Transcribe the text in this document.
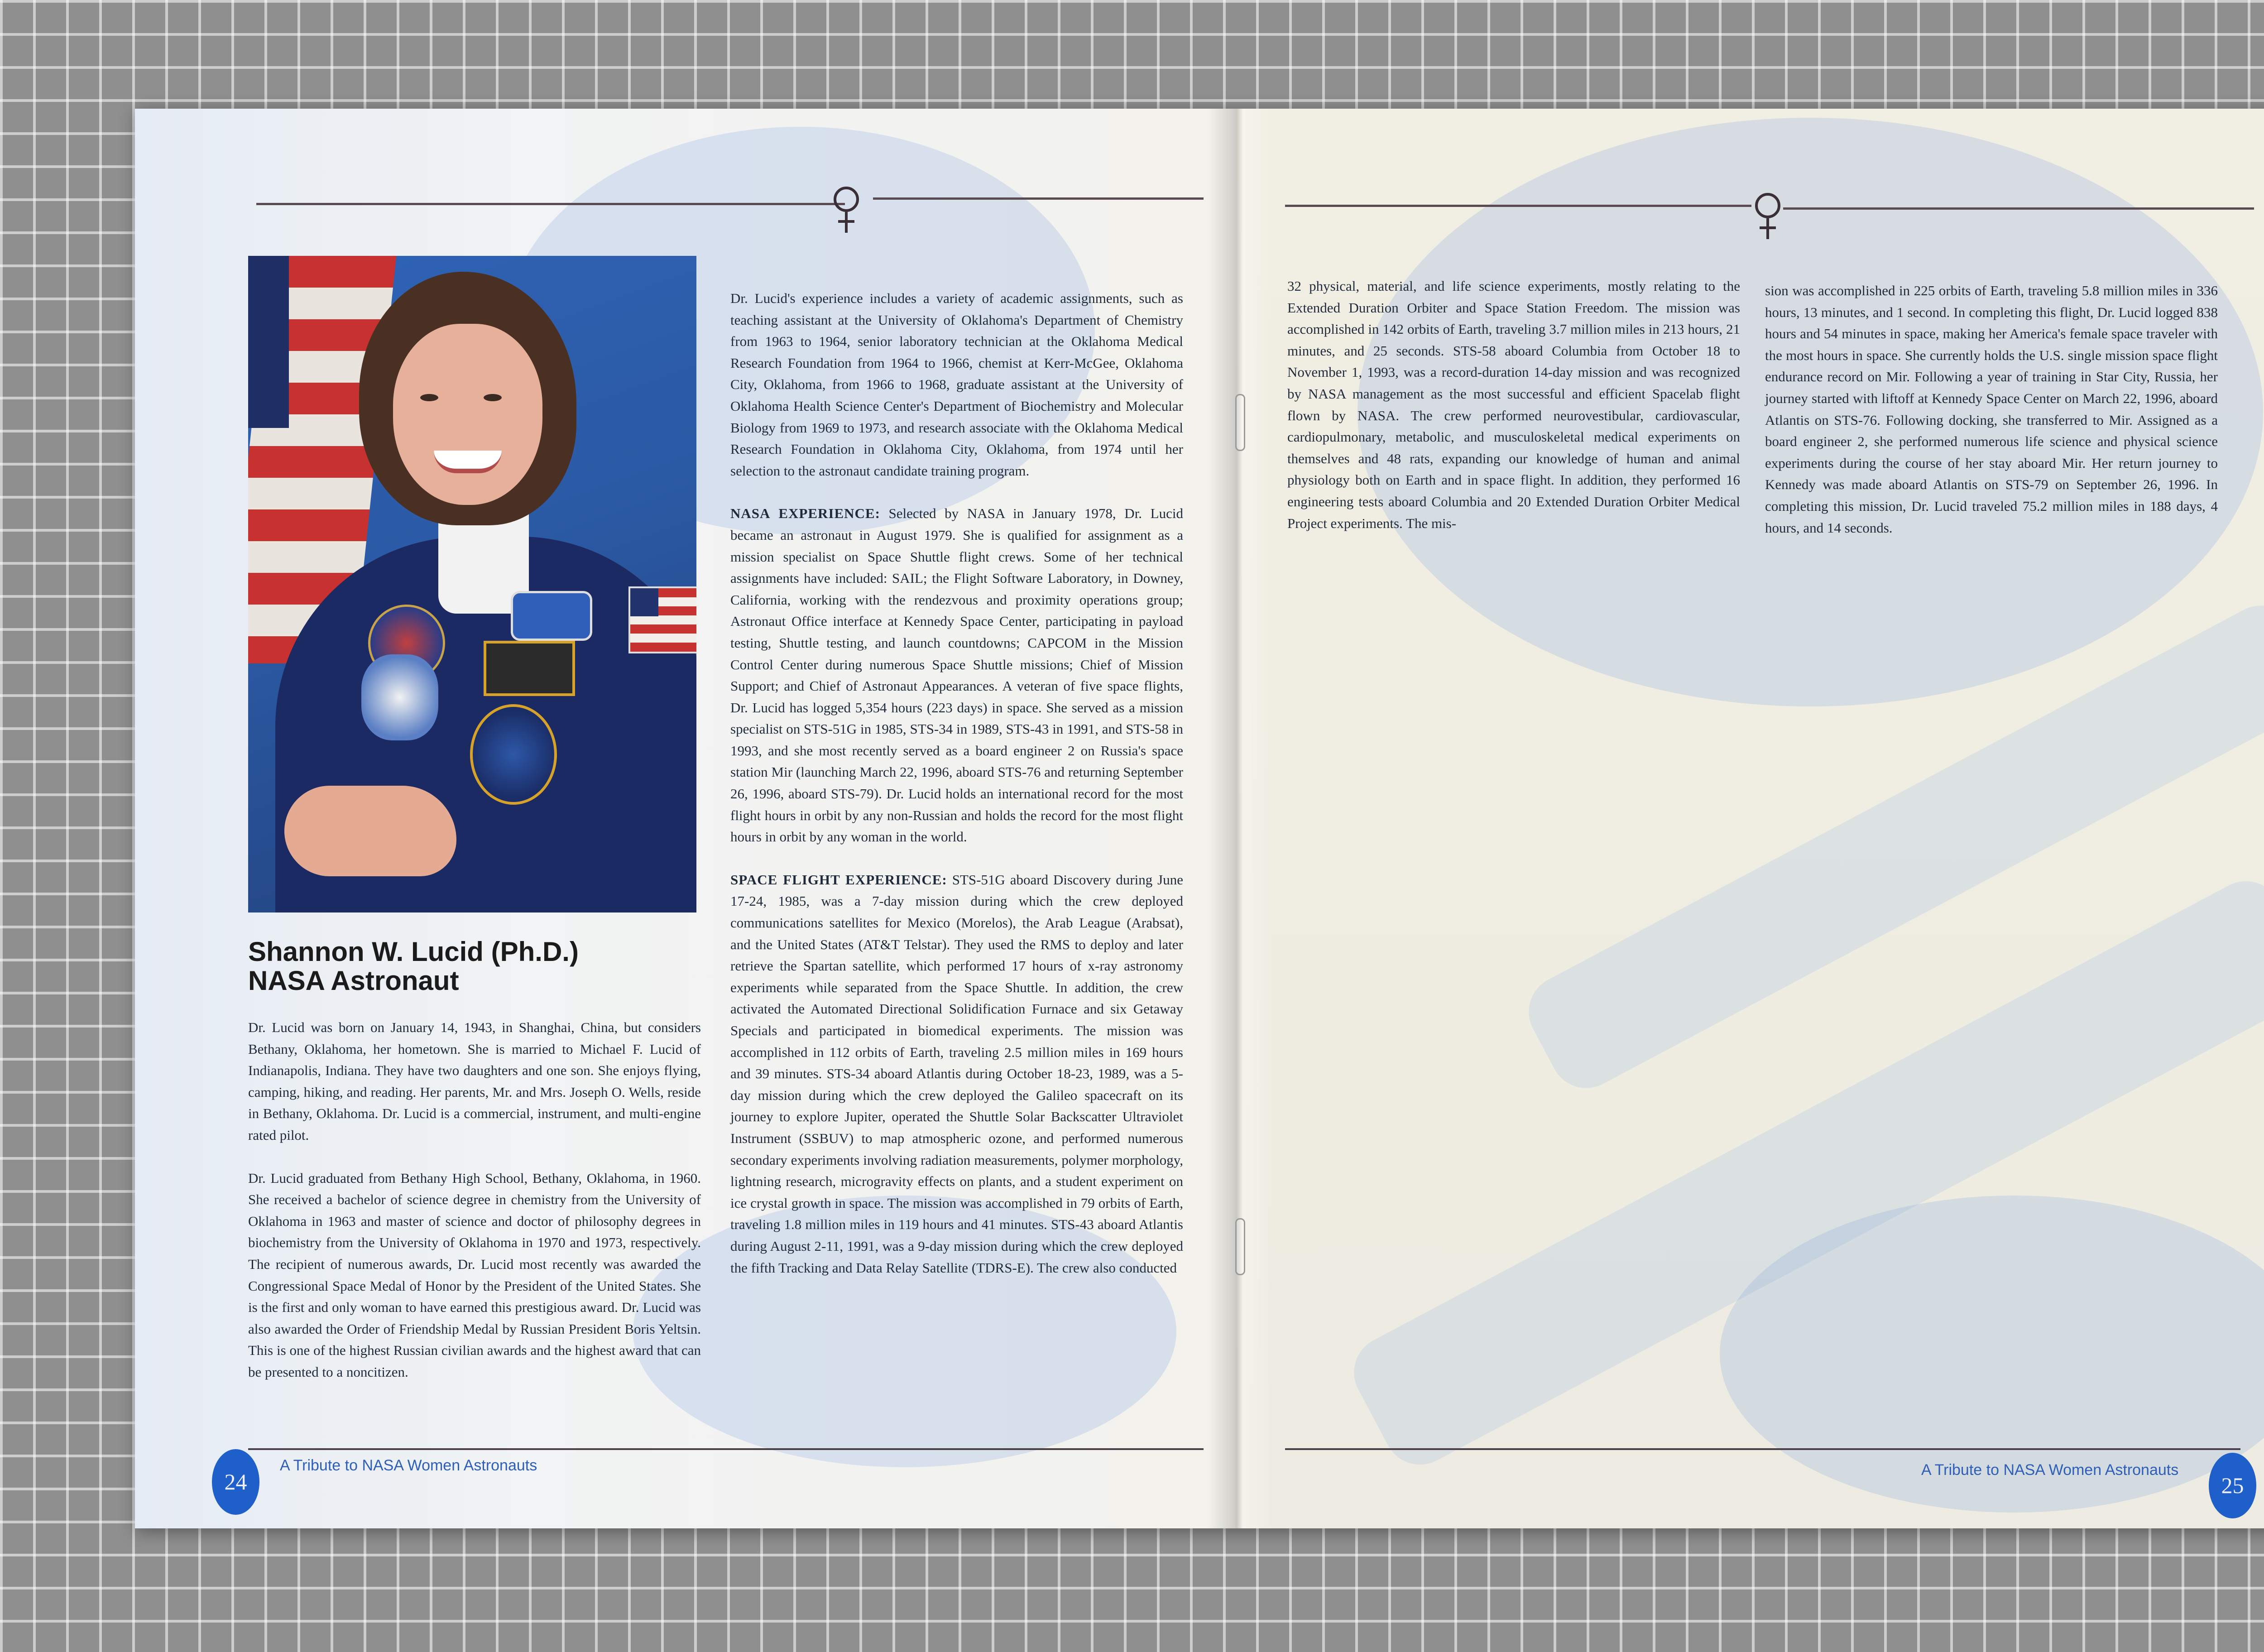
Shannon W. Lucid (Ph.D.)
NASA Astronaut

Dr. Lucid was born on January 14, 1943, in Shanghai, China, but considers Bethany, Oklahoma, her hometown. She is married to Michael F. Lucid of Indianapolis, Indiana. They have two daughters and one son. She enjoys flying, camping, hiking, and reading. Her parents, Mr. and Mrs. Joseph O. Wells, reside in Bethany, Oklahoma. Dr. Lucid is a commercial, instrument, and multi-engine rated pilot.

Dr. Lucid graduated from Bethany High School, Bethany, Oklahoma, in 1960. She received a bachelor of science degree in chemistry from the University of Oklahoma in 1963 and master of science and doctor of philosophy degrees in biochemistry from the University of Oklahoma in 1970 and 1973, respectively. The recipient of numerous awards, Dr. Lucid most recently was awarded the Congressional Space Medal of Honor by the President of the United States. She is the first and only woman to have earned this prestigious award. Dr. Lucid was also awarded the Order of Friendship Medal by Russian President Boris Yeltsin. This is one of the highest Russian civilian awards and the highest award that can be presented to a noncitizen.

Dr. Lucid's experience includes a variety of academic assignments, such as teaching assistant at the University of Oklahoma's Department of Chemistry from 1963 to 1964, senior laboratory technician at the Oklahoma Medical Research Foundation from 1964 to 1966, chemist at Kerr-McGee, Oklahoma City, Oklahoma, from 1966 to 1968, graduate assistant at the University of Oklahoma Health Science Center's Department of Biochemistry and Molecular Biology from 1969 to 1973, and research associate with the Oklahoma Medical Research Foundation in Oklahoma City, Oklahoma, from 1974 until her selection to the astronaut candidate training program.

NASA EXPERIENCE: Selected by NASA in January 1978, Dr. Lucid became an astronaut in August 1979. She is qualified for assignment as a mission specialist on Space Shuttle flight crews. Some of her technical assignments have included: SAIL; the Flight Software Laboratory, in Downey, California, working with the rendezvous and proximity operations group; Astronaut Office interface at Kennedy Space Center, participating in payload testing, Shuttle testing, and launch countdowns; CAPCOM in the Mission Control Center during numerous Space Shuttle missions; Chief of Mission Support; and Chief of Astronaut Appearances. A veteran of five space flights, Dr. Lucid has logged 5,354 hours (223 days) in space. She served as a mission specialist on STS-51G in 1985, STS-34 in 1989, STS-43 in 1991, and STS-58 in 1993, and she most recently served as a board engineer 2 on Russia's space station Mir (launching March 22, 1996, aboard STS-76 and returning September 26, 1996, aboard STS-79). Dr. Lucid holds an international record for the most flight hours in orbit by any non-Russian and holds the record for the most flight hours in orbit by any woman in the world.

SPACE FLIGHT EXPERIENCE: STS-51G aboard Discovery during June 17-24, 1985, was a 7-day mission during which the crew deployed communications satellites for Mexico (Morelos), the Arab League (Arabsat), and the United States (AT&T Telstar). They used the RMS to deploy and later retrieve the Spartan satellite, which performed 17 hours of x-ray astronomy experiments while separated from the Space Shuttle. In addition, the crew activated the Automated Directional Solidification Furnace and six Getaway Specials and participated in biomedical experiments. The mission was accomplished in 112 orbits of Earth, traveling 2.5 million miles in 169 hours and 39 minutes. STS-34 aboard Atlantis during October 18-23, 1989, was a 5-day mission during which the crew deployed the Galileo spacecraft on its journey to explore Jupiter, operated the Shuttle Solar Backscatter Ultraviolet Instrument (SSBUV) to map atmospheric ozone, and performed numerous secondary experiments involving radiation measurements, polymer morphology, lightning research, microgravity effects on plants, and a student experiment on ice crystal growth in space. The mission was accomplished in 79 orbits of Earth, traveling 1.8 million miles in 119 hours and 41 minutes. STS-43 aboard Atlantis during August 2-11, 1991, was a 9-day mission during which the crew deployed the fifth Tracking and Data Relay Satellite (TDRS-E). The crew also conducted

32 physical, material, and life science experiments, mostly relating to the Extended Duration Orbiter and Space Station Freedom. The mission was accomplished in 142 orbits of Earth, traveling 3.7 million miles in 213 hours, 21 minutes, and 25 seconds. STS-58 aboard Columbia from October 18 to November 1, 1993, was a record-duration 14-day mission and was recognized by NASA management as the most successful and efficient Spacelab flight flown by NASA. The crew performed neurovestibular, cardiovascular, cardiopulmonary, metabolic, and musculoskeletal medical experiments on themselves and 48 rats, expanding our knowledge of human and animal physiology both on Earth and in space flight. In addition, they performed 16 engineering tests aboard Columbia and 20 Extended Duration Orbiter Medical Project experiments. The mis-

sion was accomplished in 225 orbits of Earth, traveling 5.8 million miles in 336 hours, 13 minutes, and 1 second. In completing this flight, Dr. Lucid logged 838 hours and 54 minutes in space, making her America's female space traveler with the most hours in space. She currently holds the U.S. single mission space flight endurance record on Mir. Following a year of training in Star City, Russia, her journey started with liftoff at Kennedy Space Center on March 22, 1996, aboard Atlantis on STS-76. Following docking, she transferred to Mir. Assigned as a board engineer 2, she performed numerous life science and physical science experiments during the course of her stay aboard Mir. Her return journey to Kennedy was made aboard Atlantis on STS-79 on September 26, 1996. In completing this mission, Dr. Lucid traveled 75.2 million miles in 188 days, 4 hours, and 14 seconds.

24
A Tribute to NASA Women Astronauts
25
A Tribute to NASA Women Astronauts
